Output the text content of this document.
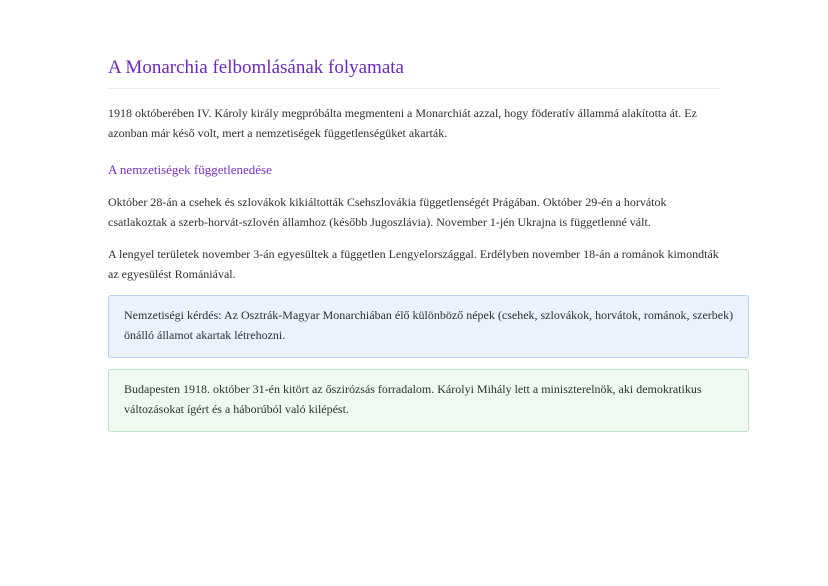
A Monarchia felbomlásának folyamata

1918 októberében IV. Károly király megpróbálta megmenteni a Monarchiát azzal, hogy föderatív állammá alakította át. Ez azonban már késő volt, mert a nemzetiségek függetlenségüket akarták.

A nemzetiségek függetlenedése

Október 28-án a csehek és szlovákok kikiáltották Csehszlovákia függetlenségét Prágában. Október 29-én a horvátok csatlakoztak a szerb-horvát-szlovén államhoz (később Jugoszlávia). November 1-jén Ukrajna is függetlenné vált.

A lengyel területek november 3-án egyesültek a független Lengyelországgal. Erdélyben november 18-án a románok kimondták az egyesülést Romániával.

Nemzetiségi kérdés: Az Osztrák-Magyar Monarchiában élő különböző népek (csehek, szlovákok, horvátok, románok, szerbek) önálló államot akartak létrehozni.
Budapesten 1918. október 31-én kitört az őszirózsás forradalom. Károlyi Mihály lett a miniszterelnök, aki demokratikus változásokat ígért és a háborúból való kilépést.
